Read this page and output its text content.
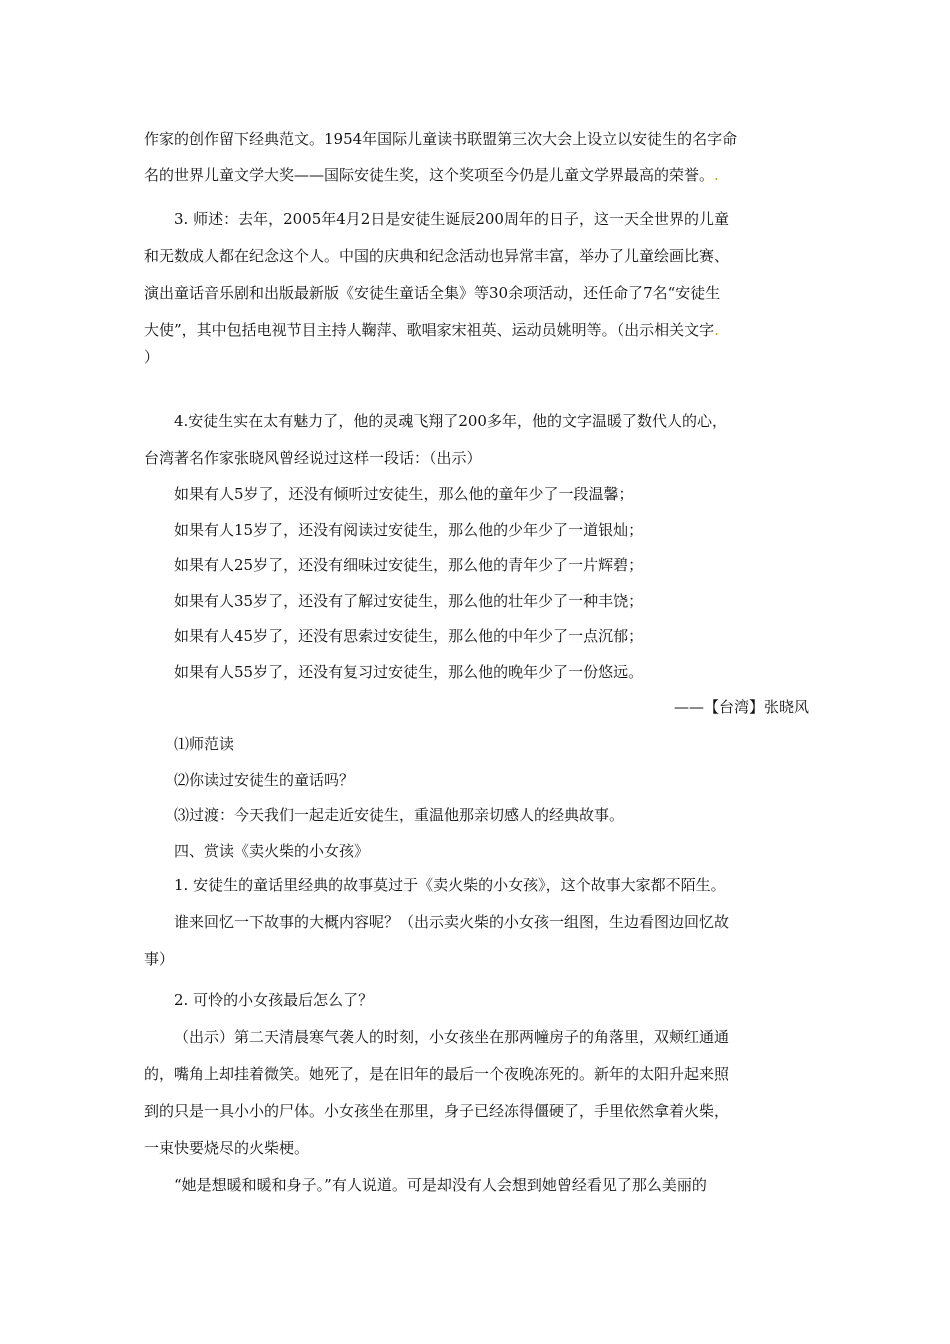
作家的创作留下经典范文。1954年国际儿童读书联盟第三次大会上设立以安徒生的名字命
名的世界儿童文学大奖——国际安徒生奖，这个奖项至今仍是儿童文学界最高的荣誉。.
3. 师述：去年，2005年4月2日是安徒生诞辰200周年的日子，这一天全世界的儿童
和无数成人都在纪念这个人。中国的庆典和纪念活动也异常丰富，举办了儿童绘画比赛、
演出童话音乐剧和出版最新版《安徒生童话全集》等30余项活动，还任命了7名“安徒生
大使”，其中包括电视节目主持人鞠萍、歌唱家宋祖英、运动员姚明等。（出示相关文字.
）
4.安徒生实在太有魅力了，他的灵魂飞翔了200多年，他的文字温暖了数代人的心，
台湾著名作家张晓风曾经说过这样一段话：（出示）
如果有人5岁了，还没有倾听过安徒生，那么他的童年少了一段温馨；
如果有人15岁了，还没有阅读过安徒生，那么他的少年少了一道银灿；
如果有人25岁了，还没有细味过安徒生，那么他的青年少了一片辉碧；
如果有人35岁了，还没有了解过安徒生，那么他的壮年少了一种丰饶；
如果有人45岁了，还没有思索过安徒生，那么他的中年少了一点沉郁；
如果有人55岁了，还没有复习过安徒生，那么他的晚年少了一份悠远。
——【台湾】张晓风
⑴师范读
⑵你读过安徒生的童话吗？
⑶过渡：今天我们一起走近安徒生，重温他那亲切感人的经典故事。
四、赏读《卖火柴的小女孩》
1. 安徒生的童话里经典的故事莫过于《卖火柴的小女孩》，这个故事大家都不陌生。
谁来回忆一下故事的大概内容呢？（出示卖火柴的小女孩一组图，生边看图边回忆故
事）
2. 可怜的小女孩最后怎么了？
（出示）第二天清晨寒气袭人的时刻，小女孩坐在那两幢房子的角落里，双颊红通通
的，嘴角上却挂着微笑。她死了，是在旧年的最后一个夜晚冻死的。新年的太阳升起来照
到的只是一具小小的尸体。小女孩坐在那里，身子已经冻得僵硬了，手里依然拿着火柴，
一束快要烧尽的火柴梗。
“她是想暖和暖和身子。”有人说道。可是却没有人会想到她曾经看见了那么美丽的
